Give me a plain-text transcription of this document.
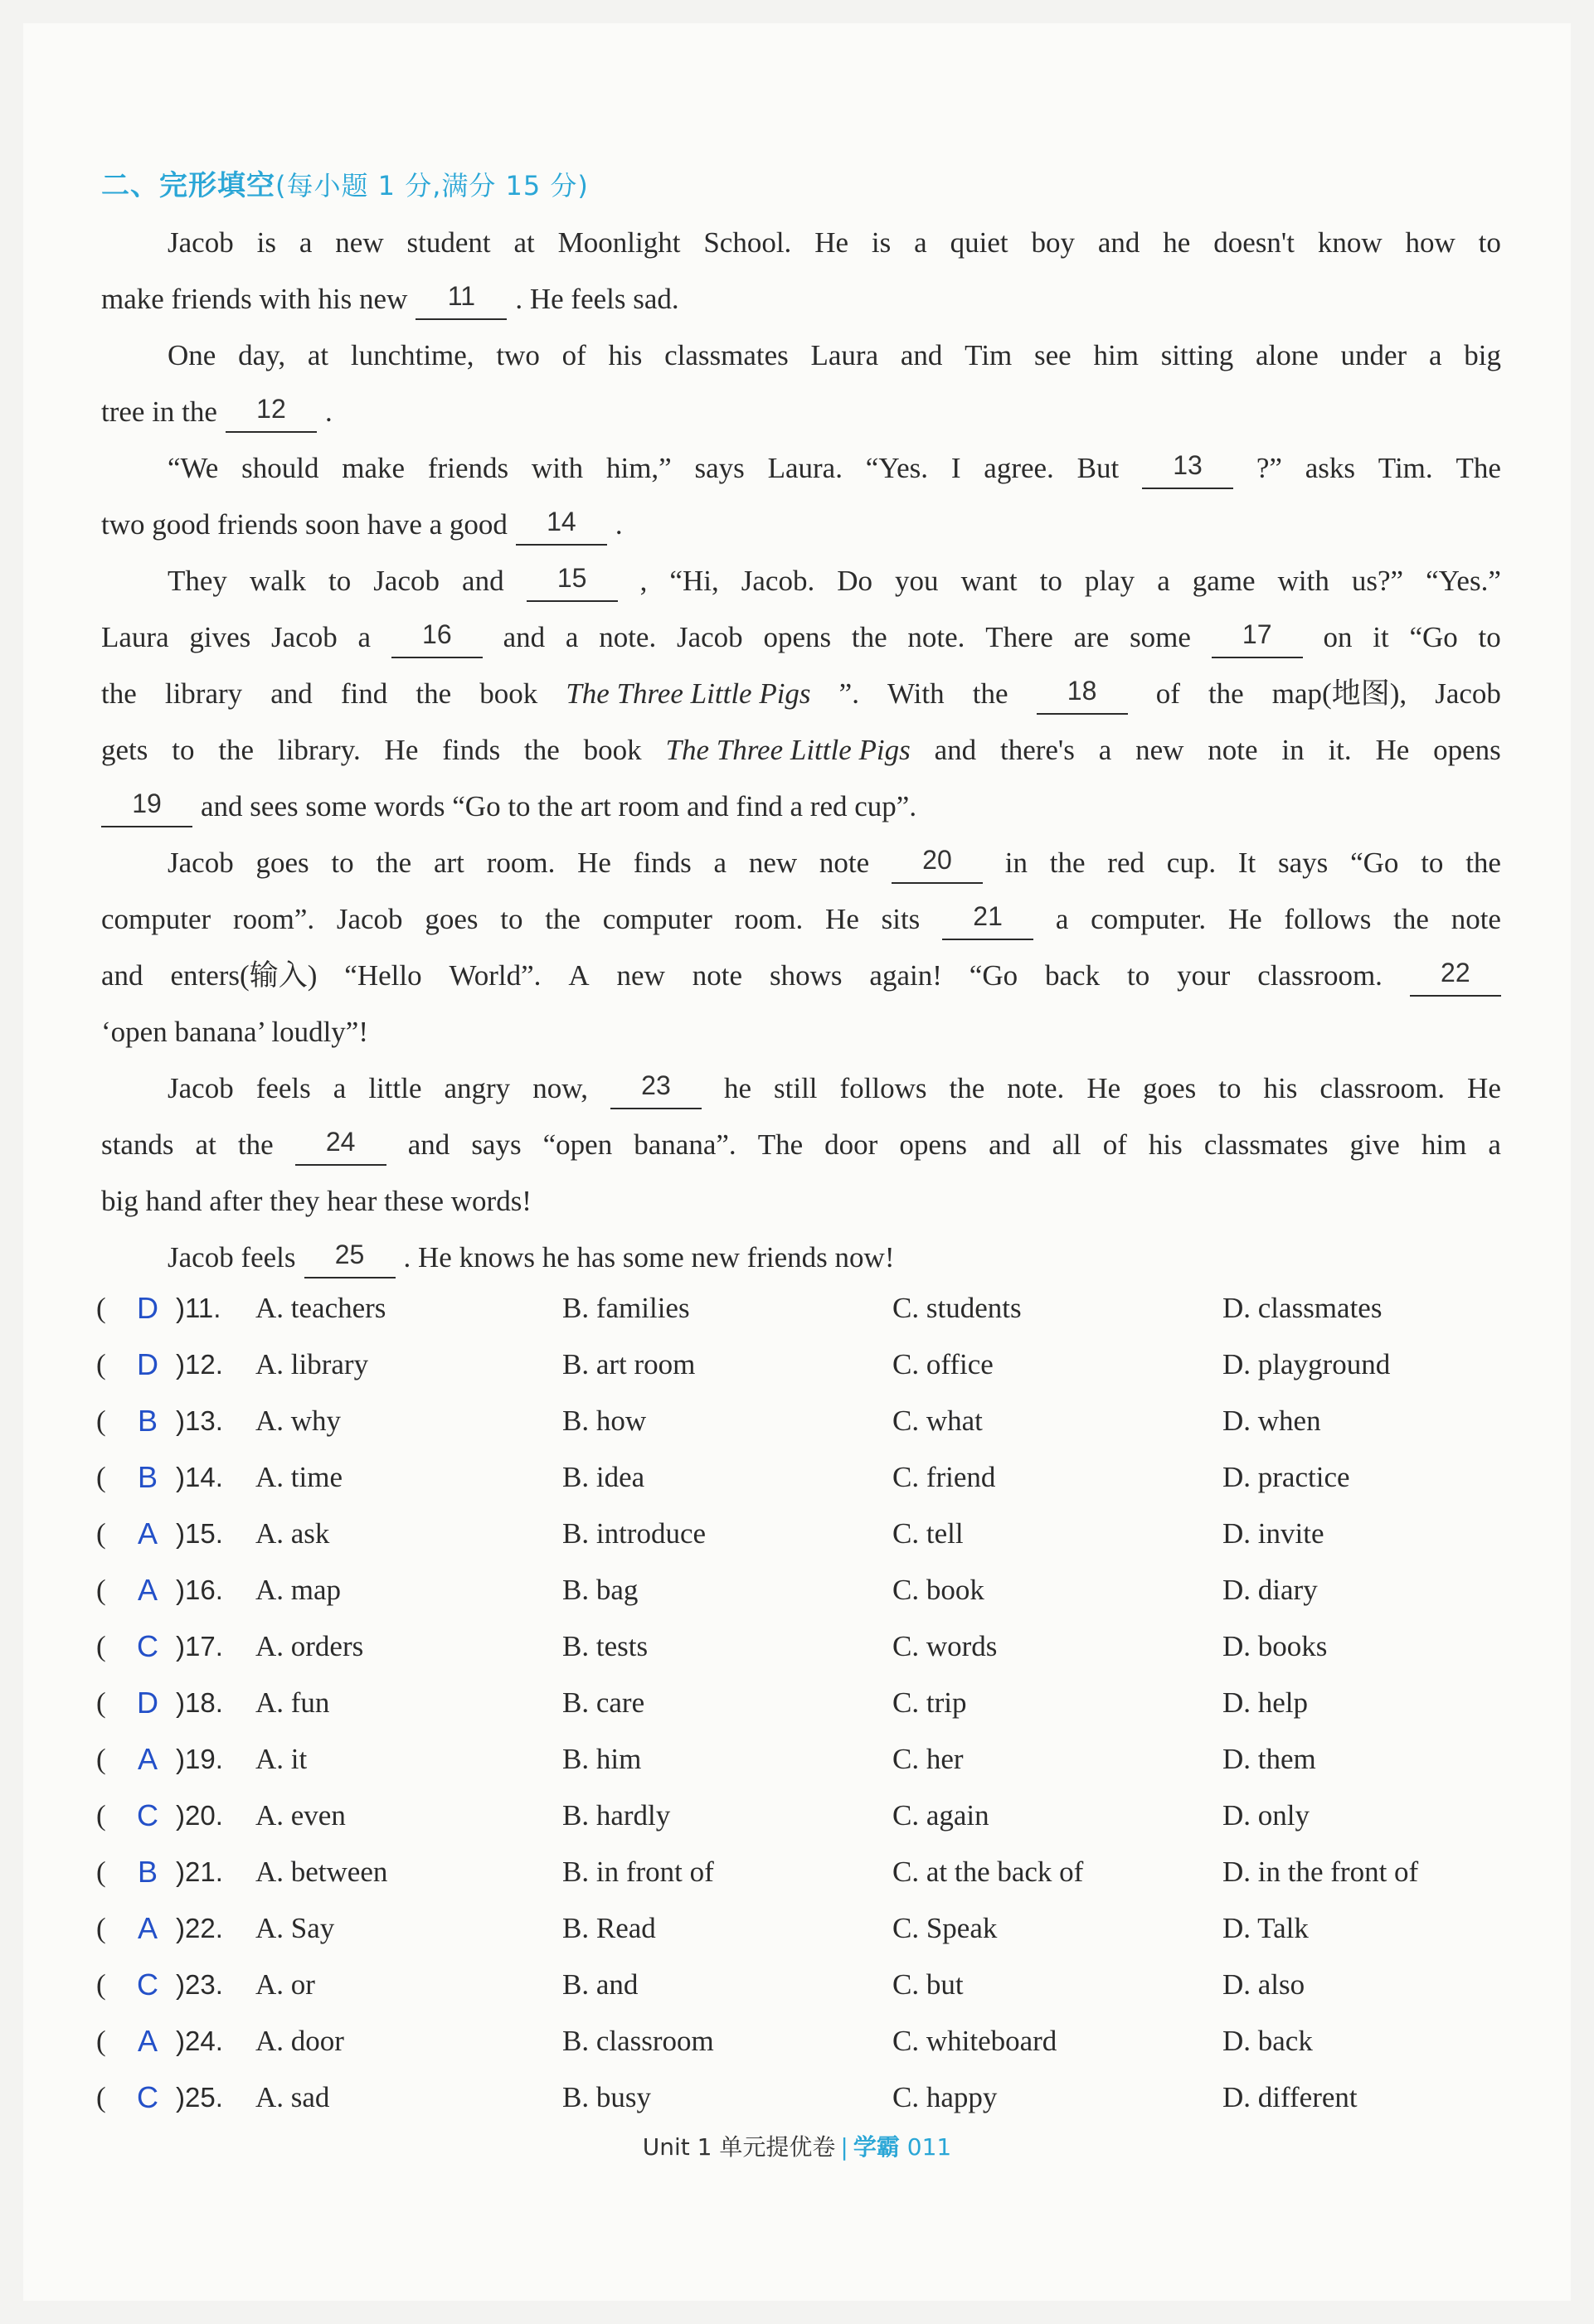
二、完形填空(每小题 1 分,满分 15 分)
Jacob is a new student at Moonlight School. He is a quiet boy and he doesn't know how to
make friends with his new	11	. He feels sad.
One day, at lunchtime, two of his classmates Laura and Tim see him sitting alone under a big
tree in the	12	.
“We should make friends with him,” says Laura. “Yes. I agree. But	13	?” asks Tim. The
two good friends soon have a good	14	.
They walk to Jacob and	15	, “Hi, Jacob. Do you want to play a game with us?” “Yes.”
Laura gives Jacob a	16	and a note. Jacob opens the note. There are some	17	on it “Go to
the library and find the book The Three Little Pigs ”. With the	18	of the map(地图), Jacob
gets to the library. He finds the book The Three Little Pigs and there's a new note in it. He opens
19	and sees some words “Go to the art room and find a red cup”.
Jacob goes to the art room. He finds a new note	20	in the red cup. It says “Go to the
computer room”. Jacob goes to the computer room. He sits	21	a computer. He follows the note
and enters(输入) “Hello World”. A new note shows again! “Go back to your classroom.	22
‘open banana’ loudly”!
Jacob feels a little angry now,	23	he still follows the note. He goes to his classroom. He
stands at the	24	and says “open banana”. The door opens and all of his classmates give him a
big hand after they hear these words!
Jacob feels	25	. He knows he has some new friends now!
( D )11. A. teachers	B. families	C. students	D. classmates
( D )12. A. library	B. art room	C. office	D. playground
( B )13. A. why	B. how	C. what	D. when
( B )14. A. time	B. idea	C. friend	D. practice
( A )15. A. ask	B. introduce	C. tell	D. invite
( A )16. A. map	B. bag	C. book	D. diary
( C )17. A. orders	B. tests	C. words	D. books
( D )18. A. fun	B. care	C. trip	D. help
( A )19. A. it	B. him	C. her	D. them
( C )20. A. even	B. hardly	C. again	D. only
( B )21. A. between	B. in front of	C. at the back of	D. in the front of
( A )22. A. Say	B. Read	C. Speak	D. Talk
( C )23. A. or	B. and	C. but	D. also
( A )24. A. door	B. classroom	C. whiteboard	D. back
( C )25. A. sad	B. busy	C. happy	D. different
Unit 1 单元提优卷 | 学霸 011
